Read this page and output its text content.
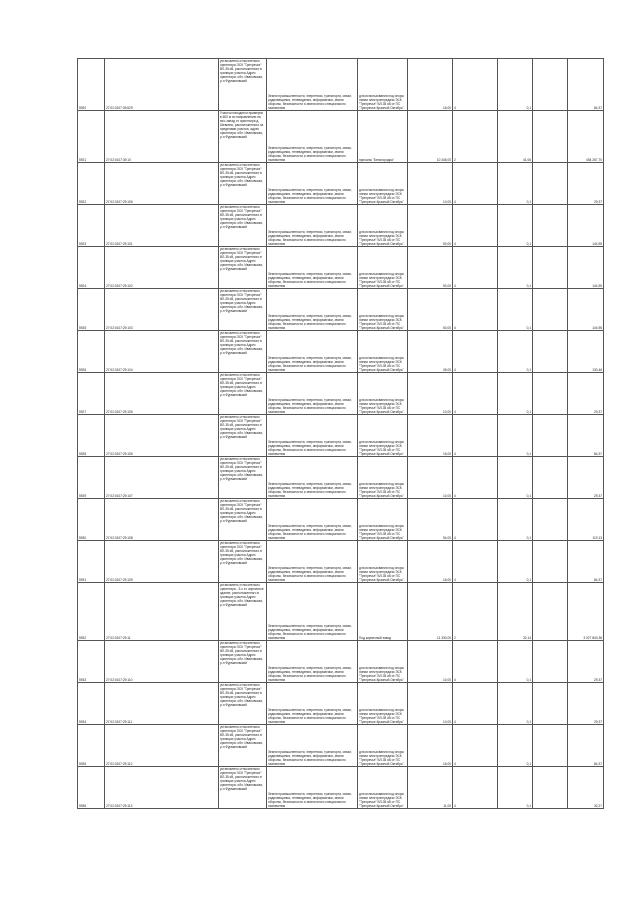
5920	27:02:0107:39:529	установлено относительно ориентира ЭСК "Трехречье" ВЛ-35 кВ, расположенного в границах участка Адрес ориентира: обл. Ивановская, р-н Фурмановский	Земли промышленности, энергетики, транспорта, связи, радиовещания, телевидения, информатики, земли обороны, безопасности и земли иного специального назначения	для использования под опоры линии электропередачи ЭСК "Трехречье" ВЛ-35 кВ от ПС "Трехречье-Красный Октябрь"	16,00	4	0,1		84,37
5921	27:02:0107:39:10	Участок находится примерно в 600 м по направлению на юго-запад от ориентира д. Шевкино, расположенного за пределами участка, адрес ориентира: обл. Ивановская, р-н Фурмановский	Земли промышленности, энергетики, транспорта, связи, радиовещания, телевидения, информатики, земли обороны, безопасности и земли иного специального назначения	причалы "Белогородка"	10 345,00	2	41,06		454 267,70
5922	27:02:0107:29:106	установлено относительно ориентира ЭСК "Трехречье" ВЛ-35 кВ, расположенного в границах участка Адрес ориентира: обл. Ивановская, р-н Фурмановский	Земли промышленности, энергетики, транспорта, связи, радиовещания, телевидения, информатики, земли обороны, безопасности и земли иного специального назначения	для использования под опоры линии электропередачи ЭСК "Трехречье" ВЛ-35 кВ от ПС "Трехречье-Красный Октябрь"	10,00	4	0,1		29,37
5923	27:02:0107:29:101	установлено относительно ориентира ЭСК "Трехречье" ВЛ-35 кВ, расположенного в границах участка Адрес ориентира: обл. Ивановская, р-н Фурмановский	Земли промышленности, энергетики, транспорта, связи, радиовещания, телевидения, информатики, земли обороны, безопасности и земли иного специального назначения	для использования под опоры линии электропередачи ЭСК "Трехречье" ВЛ-35 кВ от ПС "Трехречье-Красный Октябрь"	50,00	4	0,1		144,95
5924	27:02:0107:29:102	установлено относительно ориентира ЭСК "Трехречье" ВЛ-35 кВ, расположенного в границах участка Адрес ориентира: обл. Ивановская, р-н Фурмановский	Земли промышленности, энергетики, транспорта, связи, радиовещания, телевидения, информатики, земли обороны, безопасности и земли иного специального назначения	для использования под опоры линии электропередачи ЭСК "Трехречье" ВЛ-35 кВ от ПС "Трехречье-Красный Октябрь"	50,00	4	0,1		144,95
5925	27:02:0107:29:103	установлено относительно ориентира ЭСК "Трехречье" ВЛ-35 кВ, расположенного в границах участка Адрес ориентира: обл. Ивановская, р-н Фурмановский	Земли промышленности, энергетики, транспорта, связи, радиовещания, телевидения, информатики, земли обороны, безопасности и земли иного специального назначения	для использования под опоры линии электропередачи ЭСК "Трехречье" ВЛ-35 кВ от ПС "Трехречье-Красный Октябрь"	50,00	4	0,1		144,95
5926	27:02:0107:29:104	установлено относительно ориентира ЭСК "Трехречье" ВЛ-35 кВ, расположенного в границах участка Адрес ориентира: обл. Ивановская, р-н Фурмановский	Земли промышленности, энергетики, транспорта, связи, радиовещания, телевидения, информатики, земли обороны, безопасности и земли иного специального назначения	для использования под опоры линии электропередачи ЭСК "Трехречье" ВЛ-35 кВ от ПС "Трехречье-Красный Октябрь"	45,00	4	0,1		130,46
5927	27:02:0107:29:105	установлено относительно ориентира ЭСК "Трехречье" ВЛ-35 кВ, расположенного в границах участка Адрес ориентира: обл. Ивановская, р-н Фурмановский	Земли промышленности, энергетики, транспорта, связи, радиовещания, телевидения, информатики, земли обороны, безопасности и земли иного специального назначения	для использования под опоры линии электропередачи ЭСК "Трехречье" ВЛ-35 кВ от ПС "Трехречье-Красный Октябрь"	10,00	4	0,1		29,37
5928	27:02:0107:29:106	установлено относительно ориентира ЭСК "Трехречье" ВЛ-35 кВ, расположенного в границах участка Адрес ориентира: обл. Ивановская, р-н Фурмановский	Земли промышленности, энергетики, транспорта, связи, радиовещания, телевидения, информатики, земли обороны, безопасности и земли иного специального назначения	для использования под опоры линии электропередачи ЭСК "Трехречье" ВЛ-35 кВ от ПС "Трехречье-Красный Октябрь"	16,00	4	0,1		84,37
5929	27:02:0107:29:107	установлено относительно ориентира ЭСК "Трехречье" ВЛ-35 кВ, расположенного в границах участка Адрес ориентира: обл. Ивановская, р-н Фурмановский	Земли промышленности, энергетики, транспорта, связи, радиовещания, телевидения, информатики, земли обороны, безопасности и земли иного специального назначения	для использования под опоры линии электропередачи ЭСК "Трехречье" ВЛ-35 кВ от ПС "Трехречье-Красный Октябрь"	10,00	4	0,1		29,37
5930	27:02:0107:29:108	установлено относительно ориентира ЭСК "Трехречье" ВЛ-35 кВ, расположенного в границах участка Адрес ориентира: обл. Ивановская, р-н Фурмановский	Земли промышленности, энергетики, транспорта, связи, радиовещания, телевидения, информатики, земли обороны, безопасности и земли иного специального назначения	для использования под опоры линии электропередачи ЭСК "Трехречье" ВЛ-35 кВ от ПС "Трехречье-Красный Октябрь"	54,00	4	0,1		119,13
5931	27:02:0107:29:109	установлено относительно ориентира ЭСК "Трехречье" ВЛ-35 кВ, расположенного в границах участка Адрес ориентира: обл. Ивановская, р-н Фурмановский	Земли промышленности, энергетики, транспорта, связи, радиовещания, телевидения, информатики, земли обороны, безопасности и земли иного специального назначения	для использования под опоры линии электропередачи ЭСК "Трехречье" ВЛ-35 кВ от ПС "Трехречье-Красный Октябрь"	16,00	4	0,1		84,37
5932	27:02:0107:29:11	установлено относительно ориентира - 3-х эт. кирпичное здание, расположенного в границах участка Адрес ориентира: обл. Ивановская, р-н Фурмановский	Земли промышленности, энергетики, транспорта, связи, радиовещания, телевидения, информатики, земли обороны, безопасности и земли иного специального назначения	Под кирпичный завод	11 330,00	2	32,14		3 027 840,38
5933	27:02:0107:29:110	установлено относительно ориентира ЭСК "Трехречье" ВЛ-35 кВ, расположенного в границах участка Адрес ориентира: обл. Ивановская, р-н Фурмановский	Земли промышленности, энергетики, транспорта, связи, радиовещания, телевидения, информатики, земли обороны, безопасности и земли иного специального назначения	для использования под опоры линии электропередачи ЭСК "Трехречье" ВЛ-35 кВ от ПС "Трехречье-Красный Октябрь"	10,00	4	0,1		29,37
5934	27:02:0107:29:111	установлено относительно ориентира ЭСК "Трехречье" ВЛ-35 кВ, расположенного в границах участка Адрес ориентира: обл. Ивановская, р-н Фурмановский	Земли промышленности, энергетики, транспорта, связи, радиовещания, телевидения, информатики, земли обороны, безопасности и земли иного специального назначения	для использования под опоры линии электропередачи ЭСК "Трехречье" ВЛ-35 кВ от ПС "Трехречье-Красный Октябрь"	10,00	4	0,1		29,37
5935	27:02:0107:29:112	установлено относительно ориентира ЭСК "Трехречье" ВЛ-35 кВ, расположенного в границах участка Адрес ориентира: обл. Ивановская, р-н Фурмановский	Земли промышленности, энергетики, транспорта, связи, радиовещания, телевидения, информатики, земли обороны, безопасности и земли иного специального назначения	для использования под опоры линии электропередачи ЭСК "Трехречье" ВЛ-35 кВ от ПС "Трехречье-Красный Октябрь"	16,00	4	0,1		84,37
5936	27:02:0107:29:113	установлено относительно ориентира ЭСК "Трехречье" ВЛ-35 кВ, расположенного в границах участка Адрес ориентира: обл. Ивановская, р-н Фурмановский	Земли промышленности, энергетики, транспорта, связи, радиовещания, телевидения, информатики, земли обороны, безопасности и земли иного специального назначения	для использования под опоры линии электропередачи ЭСК "Трехречье" ВЛ-35 кВ от ПС "Трехречье-Красный Октябрь"	11,00	4	0,1		32,27
